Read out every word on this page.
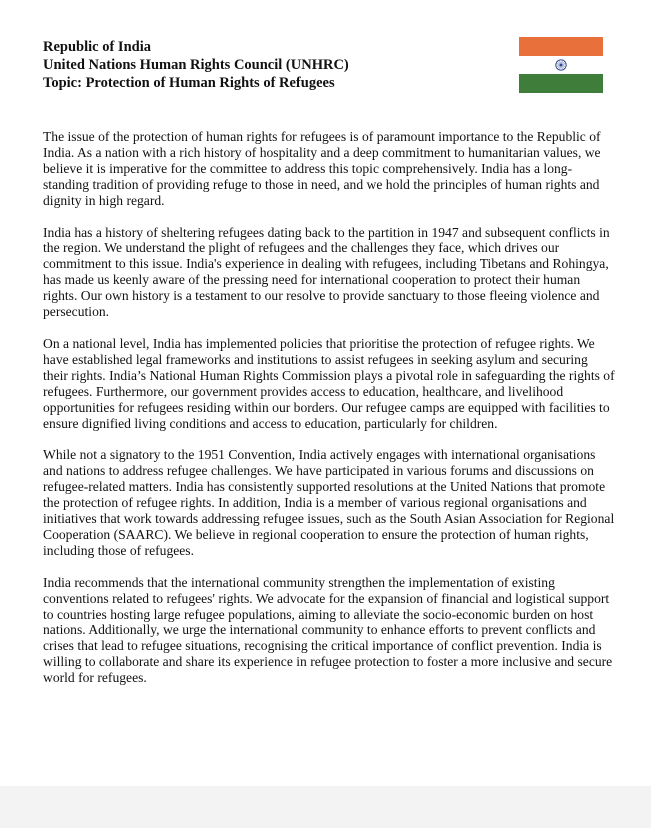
Republic of India
United Nations Human Rights Council (UNHRC)
Topic: Protection of Human Rights of Refugees

The issue of the protection of human rights for refugees is of paramount importance to the Republic of India. As a nation with a rich history of hospitality and a deep commitment to humanitarian values, we believe it is imperative for the committee to address this topic comprehensively. India has a long-standing tradition of providing refuge to those in need, and we hold the principles of human rights and dignity in high regard.

India has a history of sheltering refugees dating back to the partition in 1947 and subsequent conflicts in the region. We understand the plight of refugees and the challenges they face, which drives our commitment to this issue. India's experience in dealing with refugees, including Tibetans and Rohingya, has made us keenly aware of the pressing need for international cooperation to protect their human rights. Our own history is a testament to our resolve to provide sanctuary to those fleeing violence and persecution.

On a national level, India has implemented policies that prioritise the protection of refugee rights. We have established legal frameworks and institutions to assist refugees in seeking asylum and securing their rights. India’s National Human Rights Commission plays a pivotal role in safeguarding the rights of refugees. Furthermore, our government provides access to education, healthcare, and livelihood opportunities for refugees residing within our borders. Our refugee camps are equipped with facilities to ensure dignified living conditions and access to education, particularly for children.

While not a signatory to the 1951 Convention, India actively engages with international organisations and nations to address refugee challenges. We have participated in various forums and discussions on refugee-related matters. India has consistently supported resolutions at the United Nations that promote the protection of refugee rights. In addition, India is a member of various regional organisations and initiatives that work towards addressing refugee issues, such as the South Asian Association for Regional Cooperation (SAARC). We believe in regional cooperation to ensure the protection of human rights, including those of refugees.

India recommends that the international community strengthen the implementation of existing conventions related to refugees' rights. We advocate for the expansion of financial and logistical support to countries hosting large refugee populations, aiming to alleviate the socio-economic burden on host nations. Additionally, we urge the international community to enhance efforts to prevent conflicts and crises that lead to refugee situations, recognising the critical importance of conflict prevention. India is willing to collaborate and share its experience in refugee protection to foster a more inclusive and secure world for refugees.
